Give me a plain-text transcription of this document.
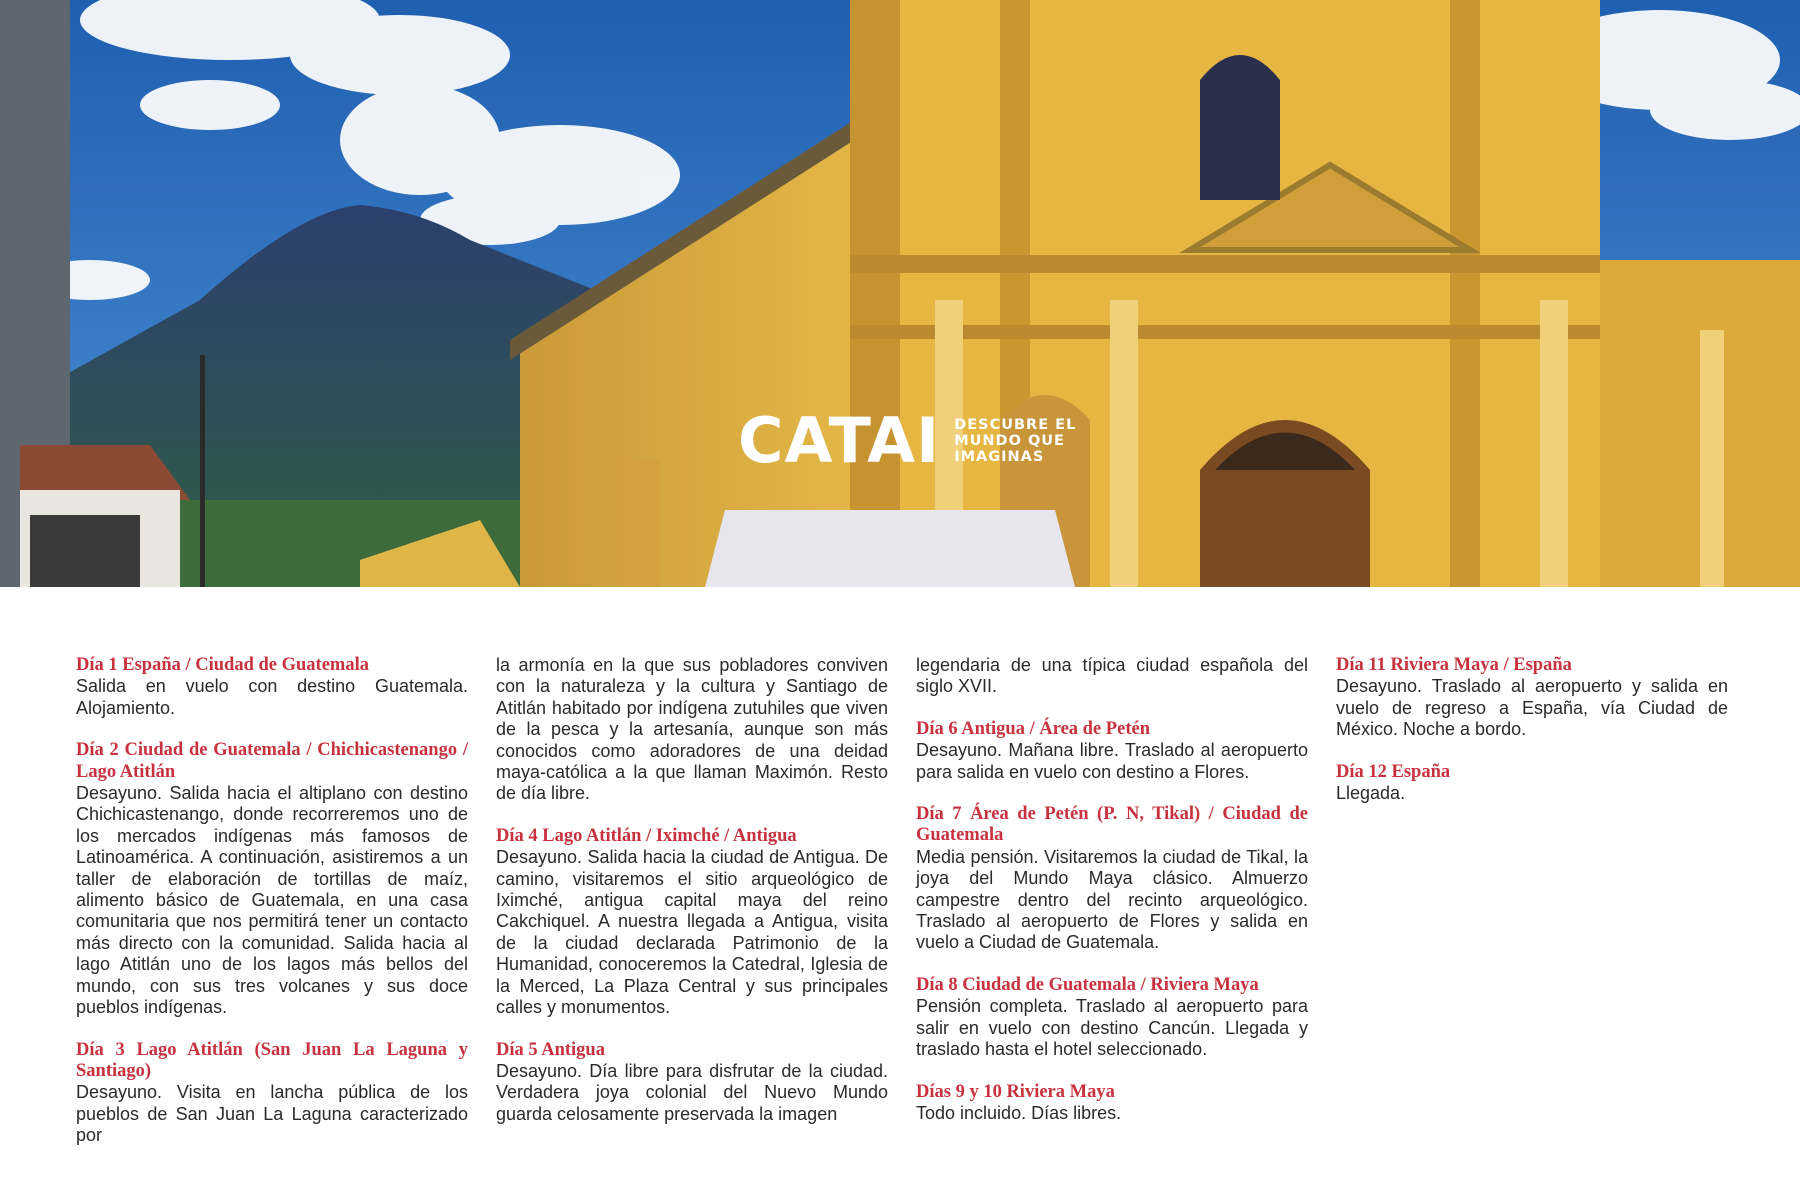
CATAI DESCUBRE EL
MUNDO QUE
IMAGINAS
Día 1 España / Ciudad de Guatemala
Salida en vuelo con destino Guatemala. Alojamiento.
Día 2 Ciudad de Guatemala / Chichicastenango / Lago Atitlán
Desayuno. Salida hacia el altiplano con destino Chichicastenango, donde recorreremos uno de los mercados indígenas más famosos de Latinoamérica. A continuación, asistiremos a un taller de elaboración de tortillas de maíz, alimento básico de Guatemala, en una casa comunitaria que nos permitirá tener un contacto más directo con la comunidad. Salida hacia al lago Atitlán uno de los lagos más bellos del mundo, con sus tres volcanes y sus doce pueblos indígenas.
Día 3 Lago Atitlán (San Juan La Laguna y Santiago)
Desayuno. Visita en lancha pública de los pueblos de San Juan La Laguna caracterizado por
la armonía en la que sus pobladores conviven con la naturaleza y la cultura y Santiago de Atitlán habitado por indígena zutuhiles que viven de la pesca y la artesanía, aunque son más conocidos como adoradores de una deidad maya-católica a la que llaman Maximón. Resto de día libre.
Día 4 Lago Atitlán / Iximché / Antigua
Desayuno. Salida hacia la ciudad de Antigua. De camino, visitaremos el sitio arqueológico de Iximché, antigua capital maya del reino Cakchiquel. A nuestra llegada a Antigua, visita de la ciudad declarada Patrimonio de la Humanidad, conoceremos la Catedral, Iglesia de la Merced, La Plaza Central y sus principales calles y monumentos.
Día 5 Antigua
Desayuno. Día libre para disfrutar de la ciudad. Verdadera joya colonial del Nuevo Mundo guarda celosamente preservada la imagen
legendaria de una típica ciudad española del siglo XVII.
Día 6 Antigua / Área de Petén
Desayuno. Mañana libre. Traslado al aeropuerto para salida en vuelo con destino a Flores.
Día 7 Área de Petén (P. N, Tikal) / Ciudad de Guatemala
Media pensión. Visitaremos la ciudad de Tikal, la joya del Mundo Maya clásico. Almuerzo campestre dentro del recinto arqueológico. Traslado al aeropuerto de Flores y salida en vuelo a Ciudad de Guatemala.
Día 8 Ciudad de Guatemala / Riviera Maya
Pensión completa. Traslado al aeropuerto para salir en vuelo con destino Cancún. Llegada y traslado hasta el hotel seleccionado.
Días 9 y 10 Riviera Maya
Todo incluido. Días libres.
Día 11 Riviera Maya / España
Desayuno. Traslado al aeropuerto y salida en vuelo de regreso a España, vía Ciudad de México. Noche a bordo.
Día 12 España
Llegada.
